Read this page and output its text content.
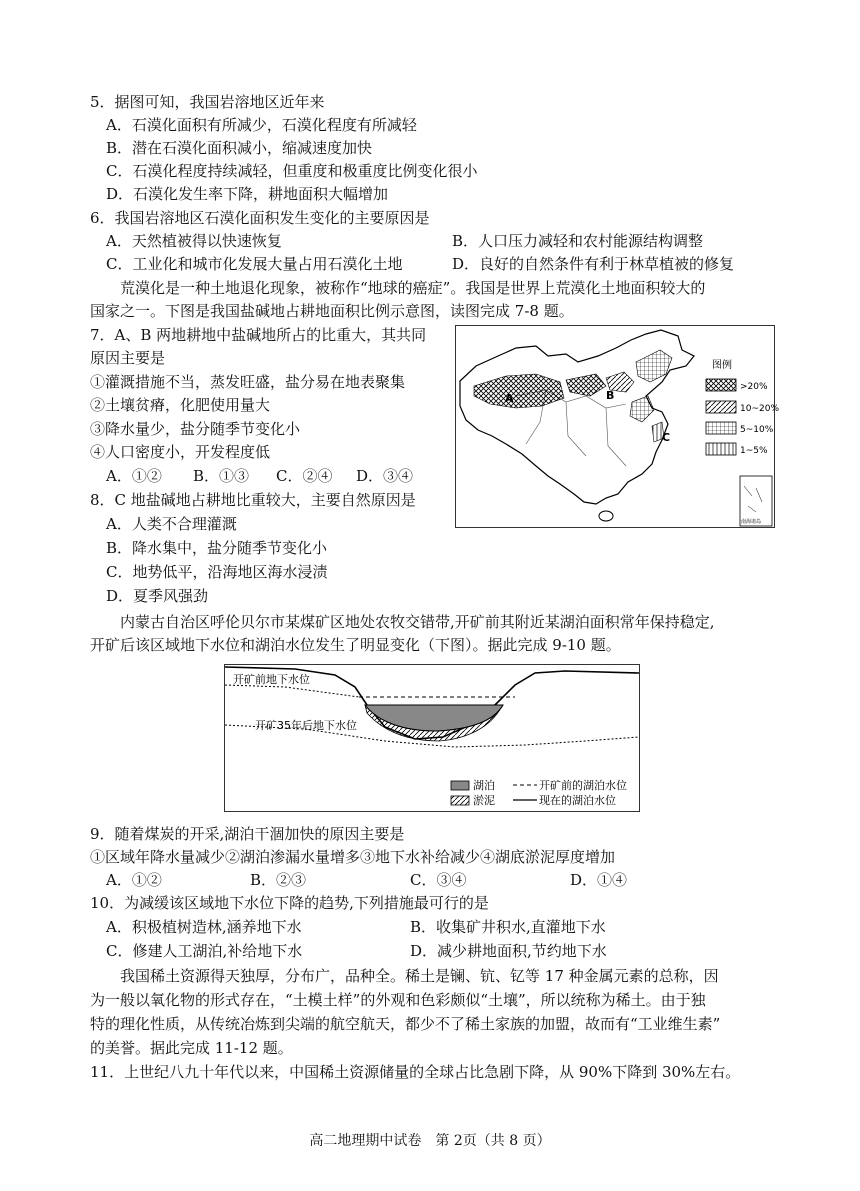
5．据图可知，我国岩溶地区近年来
A．石漠化面积有所减少，石漠化程度有所减轻
B．潜在石漠化面积减小，缩减速度加快
C．石漠化程度持续减轻，但重度和极重度比例变化很小
D．石漠化发生率下降，耕地面积大幅增加
6．我国岩溶地区石漠化面积发生变化的主要原因是
A．天然植被得以快速恢复	B．人口压力减轻和农村能源结构调整
C．工业化和城市化发展大量占用石漠化土地	D．良好的自然条件有利于林草植被的修复
荒漠化是一种土地退化现象，被称作“地球的癌症”。我国是世界上荒漠化土地面积较大的
国家之一。下图是我国盐碱地占耕地面积比例示意图，读图完成 7-8 题。
7．A、B 两地耕地中盐碱地所占的比重大，其共同
原因主要是
①灌溉措施不当，蒸发旺盛，盐分易在地表聚集
②土壤贫瘠，化肥使用量大
③降水量少，盐分随季节变化小
④人口密度小，开发程度低
A．①② B．①③ C．②④ D．③④
8．C 地盐碱地占耕地比重较大，主要自然原因是
A．人类不合理灌溉
B．降水集中，盐分随季节变化小
C．地势低平，沿海地区海水浸渍
D．夏季风强劲
A	B
C
图例
>20%
10~20%
5~10%
1~5%
南海诸岛
内蒙古自治区呼伦贝尔市某煤矿区地处农牧交错带,开矿前其附近某湖泊面积常年保持稳定,
开矿后该区域地下水位和湖泊水位发生了明显变化（下图）。据此完成 9-10 题。
开矿前地下水位
开矿35年后地下水位
湖泊	开矿前的湖泊水位
淤泥	现在的湖泊水位
9．随着煤炭的开采,湖泊干涸加快的原因主要是
①区域年降水量减少②湖泊渗漏水量增多③地下水补给减少④湖底淤泥厚度增加
A．①②	B．②③	C．③④	D．①④
10．为减缓该区域地下水位下降的趋势,下列措施最可行的是
A．积极植树造林,涵养地下水	B．收集矿井积水,直灌地下水
C．修建人工湖泊,补给地下水	D．减少耕地面积,节约地下水
我国稀土资源得天独厚，分布广，品种全。稀土是镧、钪、钇等 17 种金属元素的总称，因
为一般以氧化物的形式存在，“土模土样”的外观和色彩颇似“土壤”，所以统称为稀土。由于独
特的理化性质，从传统冶炼到尖端的航空航天，都少不了稀土家族的加盟，故而有“工业维生素”
的美誉。据此完成 11-12 题。
11．上世纪八九十年代以来，中国稀土资源储量的全球占比急剧下降，从 90%下降到 30%左右。
高二地理期中试卷　第 2页（共 8 页）
